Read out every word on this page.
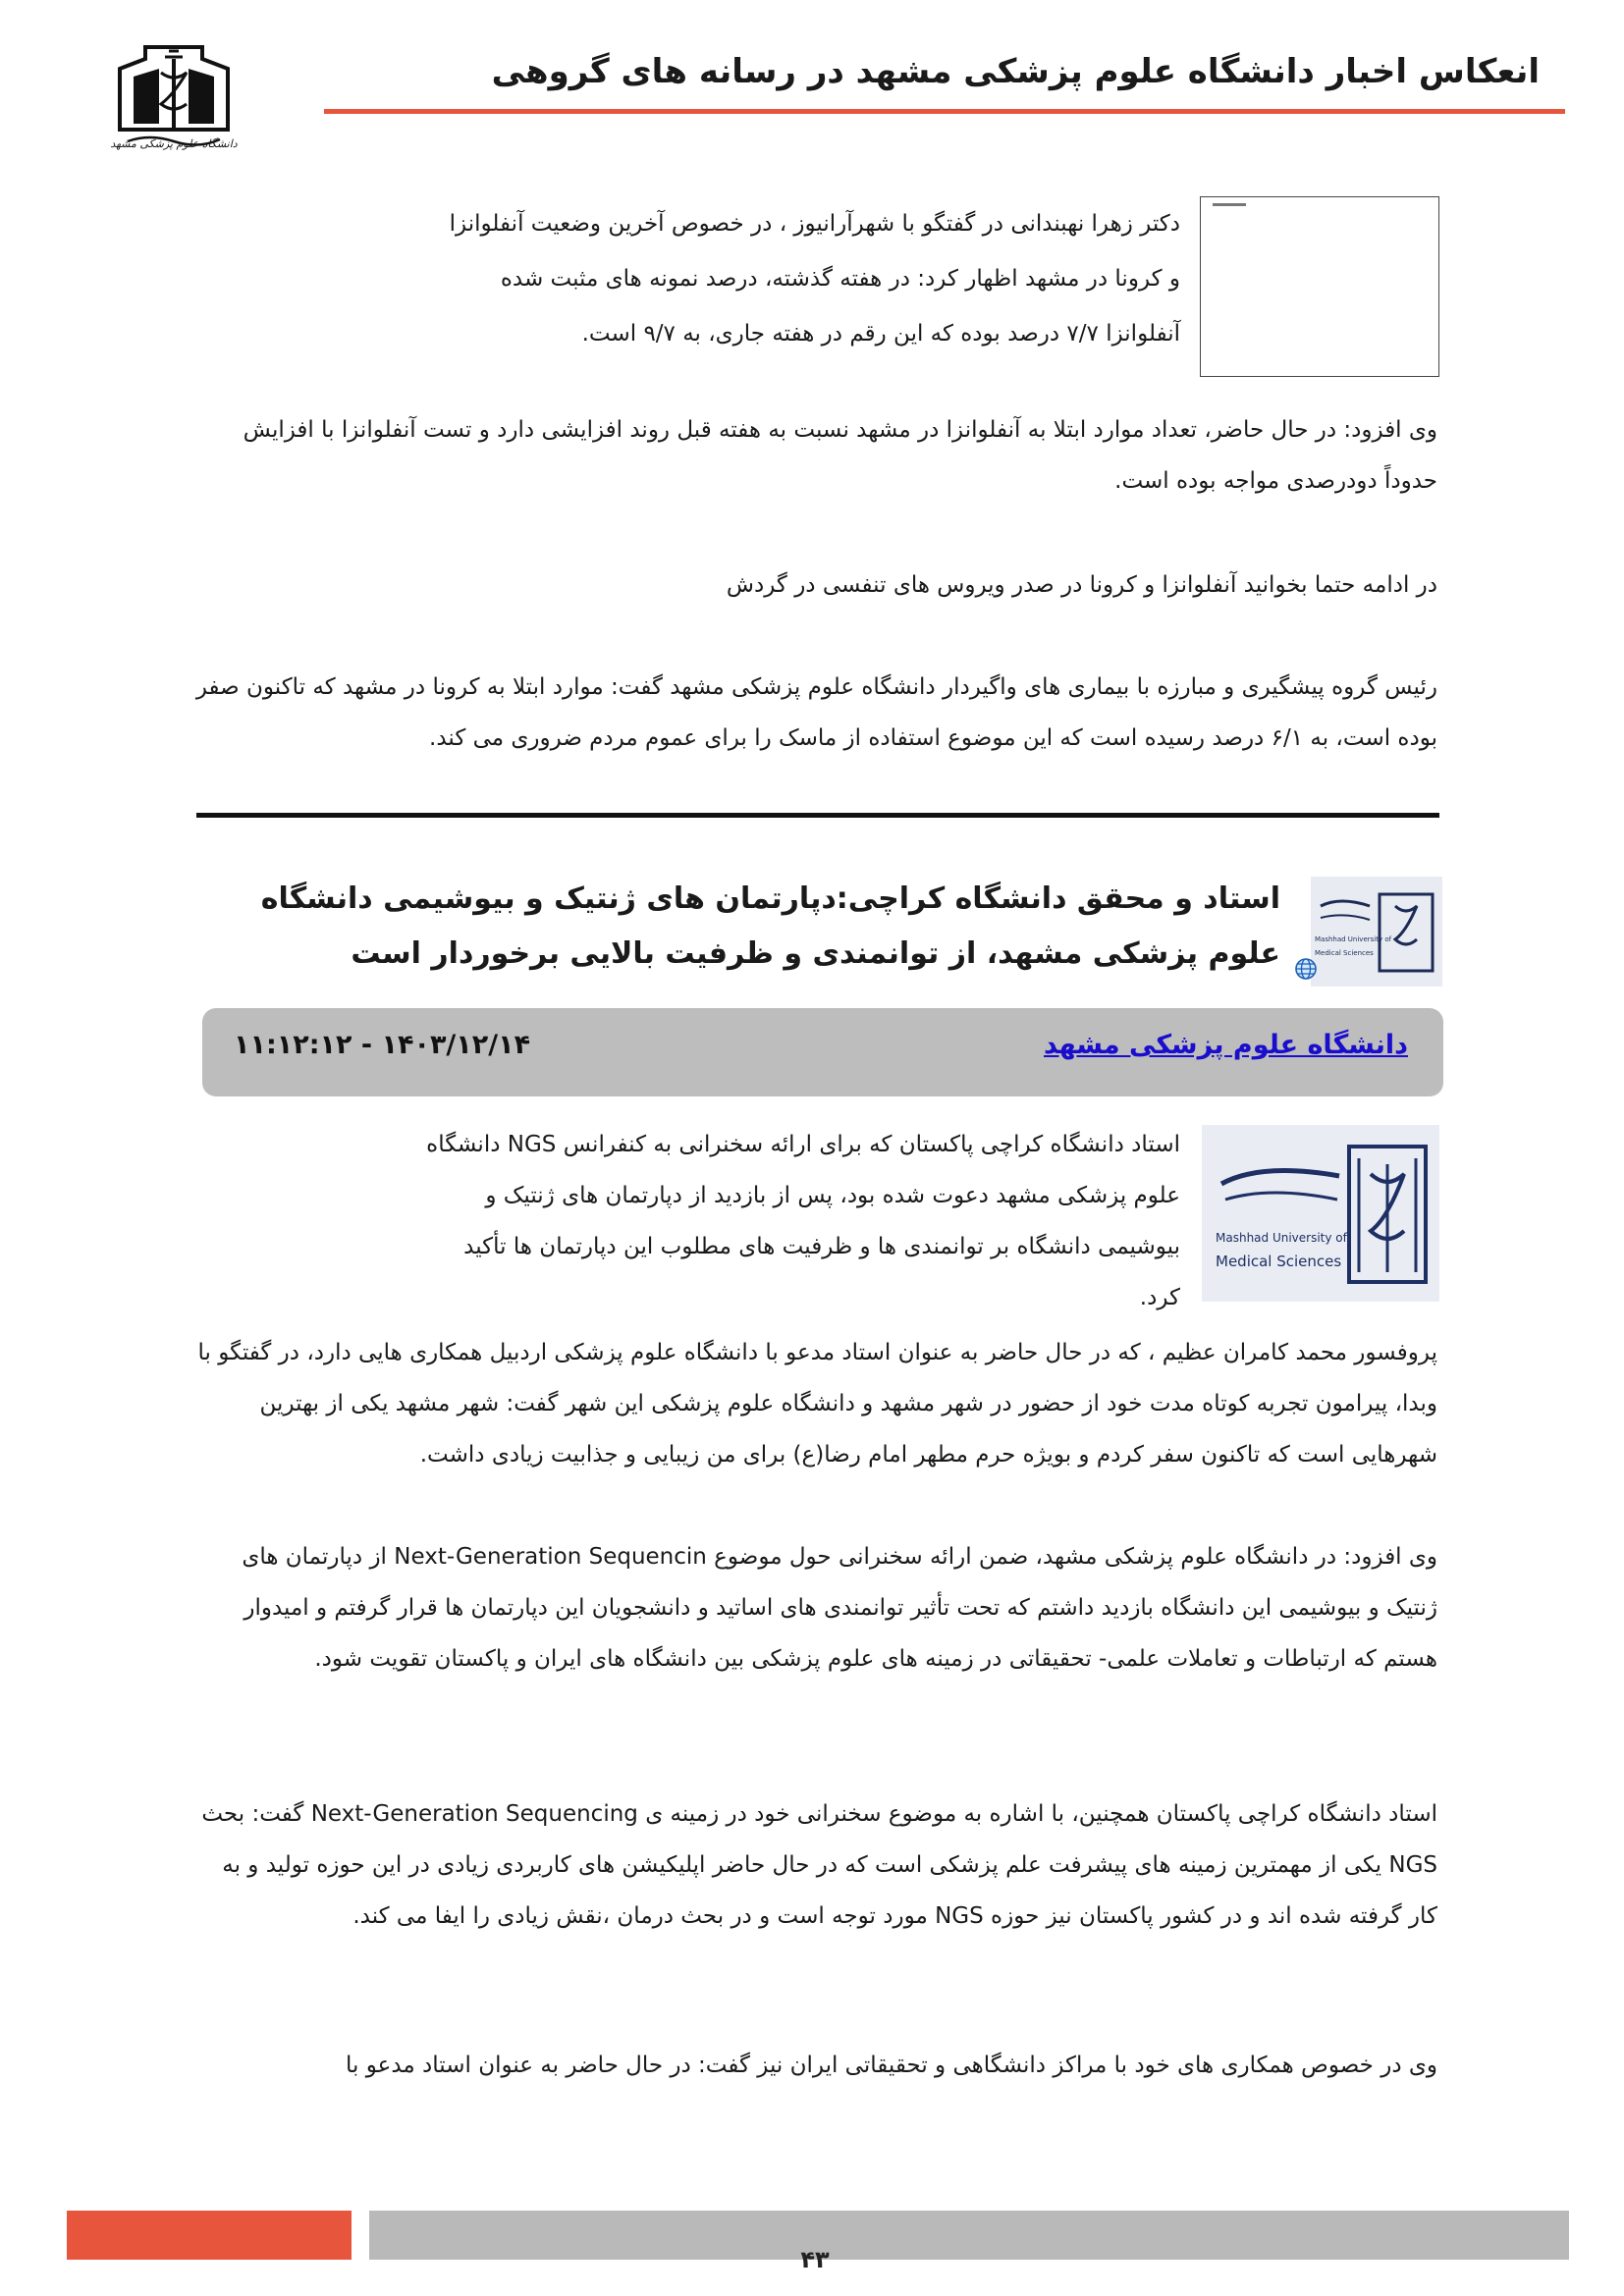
انعکاس اخبار دانشگاه علوم پزشکی مشهد در رسانه های گروهی
دانشگاه علوم پزشکی مشهد
دکتر زهرا نهبندانی در گفتگو با شهرآرانیوز ، در خصوص آخرین وضعیت آنفلوانزا و کرونا در مشهد اظهار کرد: در هفته گذشته، درصد نمونه های مثبت شده آنفلوانزا ۷/۷ درصد بوده که این رقم در هفته جاری، به ۹/۷ است.
وی افزود: در حال حاضر، تعداد موارد ابتلا به آنفلوانزا در مشهد نسبت به هفته قبل روند افزایشی دارد و تست آنفلوانزا با افزایش حدوداً دودرصدی مواجه بوده است.
در ادامه حتما بخوانید آنفلوانزا و کرونا در صدر ویروس های تنفسی در گردش
رئیس گروه پیشگیری و مبارزه با بیماری های واگیردار دانشگاه علوم پزشکی مشهد گفت: موارد ابتلا به کرونا در مشهد که تاکنون صفر بوده است، به ۶/۱ درصد رسیده است که این موضوع استفاده از ماسک را برای عموم مردم ضروری می کند.
Mashhad University of
Medical Sciences
استاد و محقق دانشگاه کراچی:دپارتمان های ژنتیک و بیوشیمی دانشگاه علوم پزشکی مشهد، از توانمندی و ظرفیت بالایی برخوردار است
دانشگاه علوم پزشکی مشهد
۱۴۰۳/۱۲/۱۴ - ۱۱:۱۲:۱۲
Mashhad University of
Medical Sciences
استاد دانشگاه کراچی پاکستان که برای ارائه سخنرانی به کنفرانس NGS دانشگاه علوم پزشکی مشهد دعوت شده بود، پس از بازدید از دپارتمان های ژنتیک و بیوشیمی دانشگاه بر توانمندی ها و ظرفیت های مطلوب این دپارتمان ها تأکید کرد.
پروفسور محمد کامران عظیم ، که در حال حاضر به عنوان استاد مدعو با دانشگاه علوم پزشکی اردبیل همکاری هایی دارد، در گفتگو با وبدا، پیرامون تجربه کوتاه مدت خود از حضور در شهر مشهد و دانشگاه علوم پزشکی این شهر گفت: شهر مشهد یکی از بهترین شهرهایی است که تاکنون سفر کردم و بویژه حرم مطهر امام رضا(ع) برای من زیبایی و جذابیت زیادی داشت.
وی افزود: در دانشگاه علوم پزشکی مشهد، ضمن ارائه سخنرانی حول موضوع Next-Generation Sequencin از دپارتمان های ژنتیک و بیوشیمی این دانشگاه بازدید داشتم که تحت تأثیر توانمندی های اساتید و دانشجویان این دپارتمان ها قرار گرفتم و امیدوار هستم که ارتباطات و تعاملات علمی- تحقیقاتی در زمینه های علوم پزشکی بین دانشگاه های ایران و پاکستان تقویت شود.
استاد دانشگاه کراچی پاکستان همچنین، با اشاره به موضوع سخنرانی خود در زمینه ی Next-Generation Sequencing گفت: بحث NGS یکی از مهمترین زمینه های پیشرفت علم پزشکی است که در حال حاضر اپلیکیشن های کاربردی زیادی در این حوزه تولید و به کار گرفته شده اند و در کشور پاکستان نیز حوزه NGS مورد توجه است و در بحث درمان ،نقش زیادی را ایفا می کند.
وی در خصوص همکاری های خود با مراکز دانشگاهی و تحقیقاتی ایران نیز گفت: در حال حاضر به عنوان استاد مدعو با
۴۳
